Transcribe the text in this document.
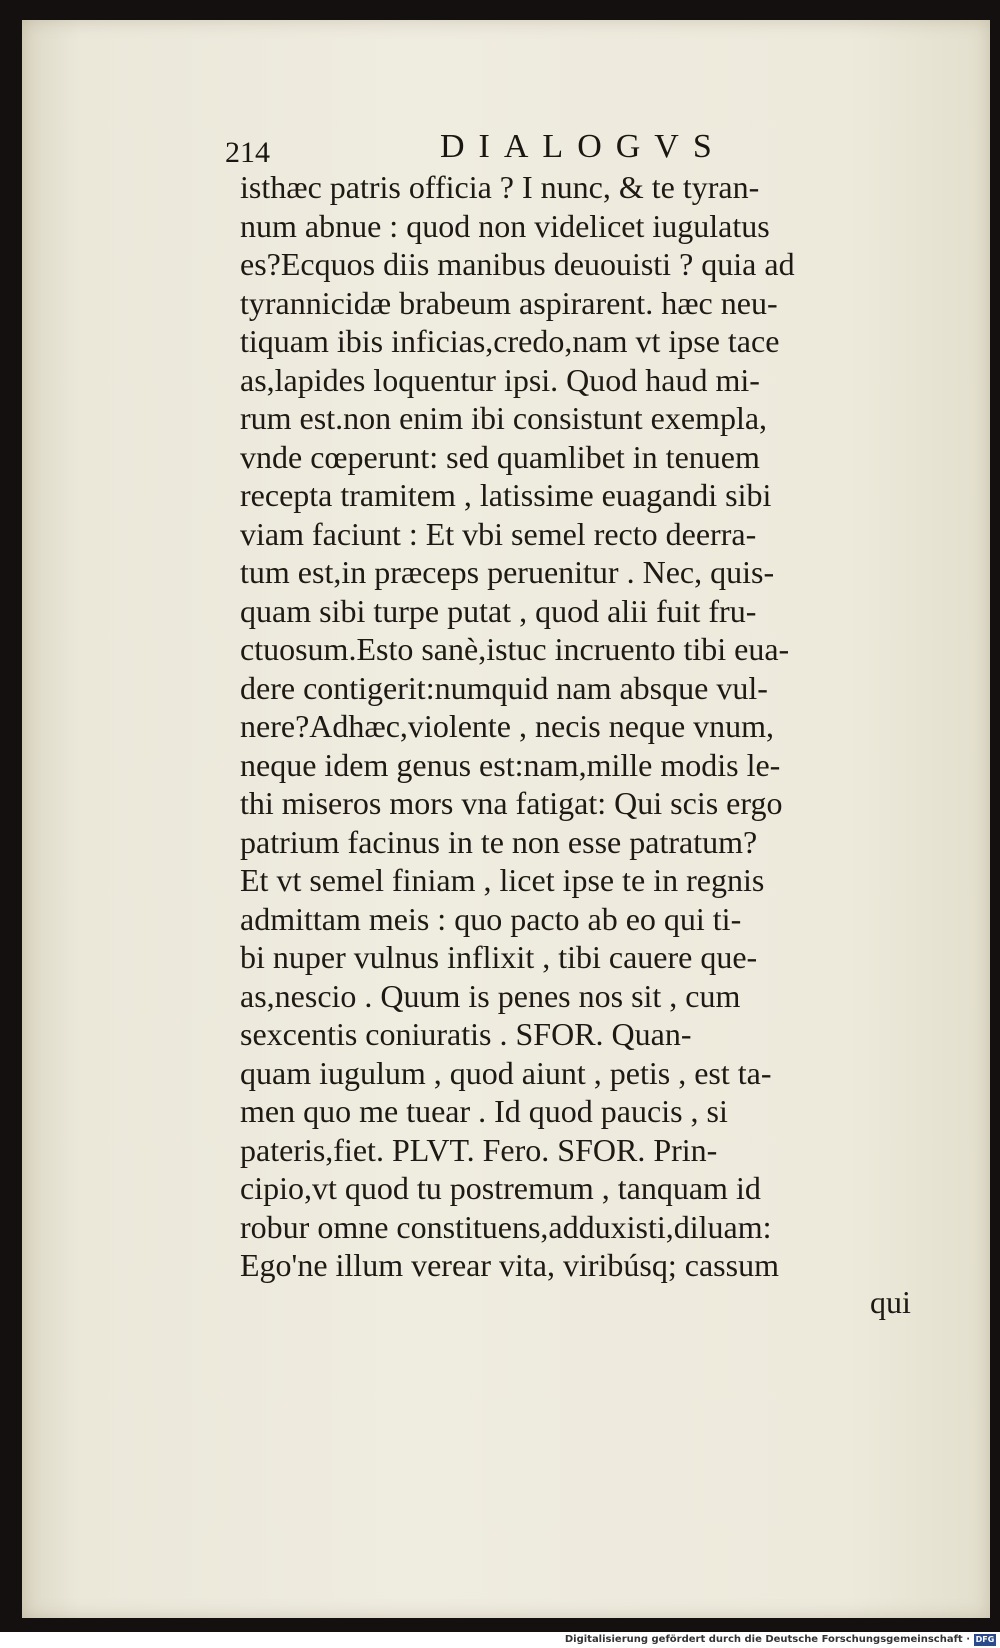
214	DIALOGVS
isthæc patris officia ? I nunc, & te tyran-
num abnue : quod non videlicet iugulatus
es?Ecquos diis manibus deuouisti ? quia ad
tyrannicidæ brabeum aspirarent. hæc neu-
tiquam ibis inficias,credo,nam vt ipse tace
as,lapides loquentur ipsi. Quod haud mi-
rum est.non enim ibi consistunt exempla,
vnde cœperunt: sed quamlibet in tenuem
recepta tramitem , latissime euagandi sibi
viam faciunt : Et vbi semel recto deerra-
tum est,in præceps peruenitur . Nec, quis-
quam sibi turpe putat , quod alii fuit fru-
ctuosum.Esto sanè,istuc incruento tibi eua-
dere contigerit:numquid nam absque vul-
nere?Adhæc,violente , necis neque vnum,
neque idem genus est:nam,mille modis le-
thi miseros mors vna fatigat: Qui scis ergo
patrium facinus in te non esse patratum?
Et vt semel finiam , licet ipse te in regnis
admittam meis : quo pacto ab eo qui ti-
bi nuper vulnus inflixit , tibi cauere que-
as,nescio . Quum is penes nos sit , cum
sexcentis coniuratis . SFOR. Quan-
quam iugulum , quod aiunt , petis , est ta-
men quo me tuear . Id quod paucis , si
pateris,fiet. PLVT. Fero. SFOR. Prin-
cipio,vt quod tu postremum , tanquam id
robur omne constituens,adduxisti,diluam:
Ego'ne illum verear vita, viribúsq; cassum
qui
Digitalisierung gefördert durch die Deutsche Forschungsgemeinschaft · DFG
